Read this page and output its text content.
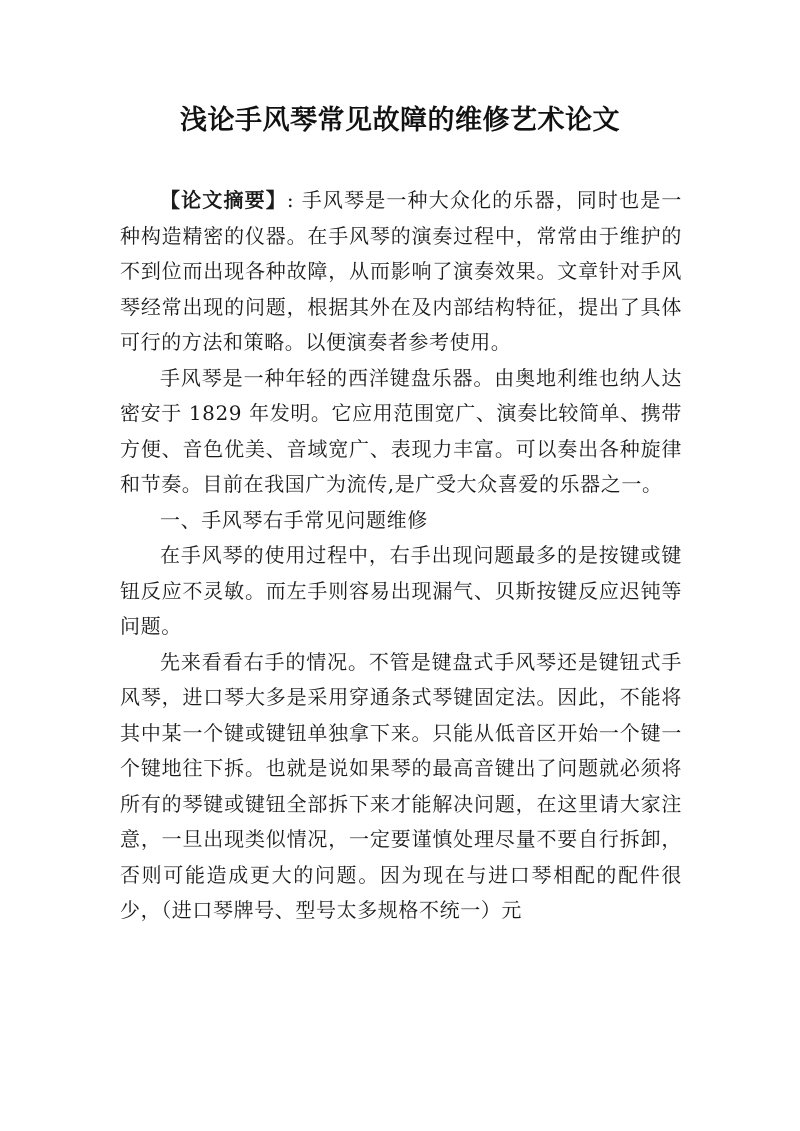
浅论手风琴常见故障的维修艺术论文

【论文摘要】: 手风琴是一种大众化的乐器，同时也是一种构造精密的仪器。在手风琴的演奏过程中，常常由于维护的不到位而出现各种故障，从而影响了演奏效果。文章针对手风琴经常出现的问题，根据其外在及内部结构特征，提出了具体可行的方法和策略。以便演奏者参考使用。

手风琴是一种年轻的西洋键盘乐器。由奥地利维也纳人达密安于 1829 年发明。它应用范围宽广、演奏比较简单、携带方便、音色优美、音域宽广、表现力丰富。可以奏出各种旋律和节奏。目前在我国广为流传,是广受大众喜爱的乐器之一。

一、手风琴右手常见问题维修

在手风琴的使用过程中，右手出现问题最多的是按键或键钮反应不灵敏。而左手则容易出现漏气、贝斯按键反应迟钝等问题。

先来看看右手的情况。不管是键盘式手风琴还是键钮式手风琴，进口琴大多是采用穿通条式琴键固定法。因此，不能将其中某一个键或键钮单独拿下来。只能从低音区开始一个键一个键地往下拆。也就是说如果琴的最高音键出了问题就必须将所有的琴键或键钮全部拆下来才能解决问题，在这里请大家注意，一旦出现类似情况，一定要谨慎处理尽量不要自行拆卸，否则可能造成更大的问题。因为现在与进口琴相配的配件很少，（进口琴牌号、型号太多规格不统一）元
